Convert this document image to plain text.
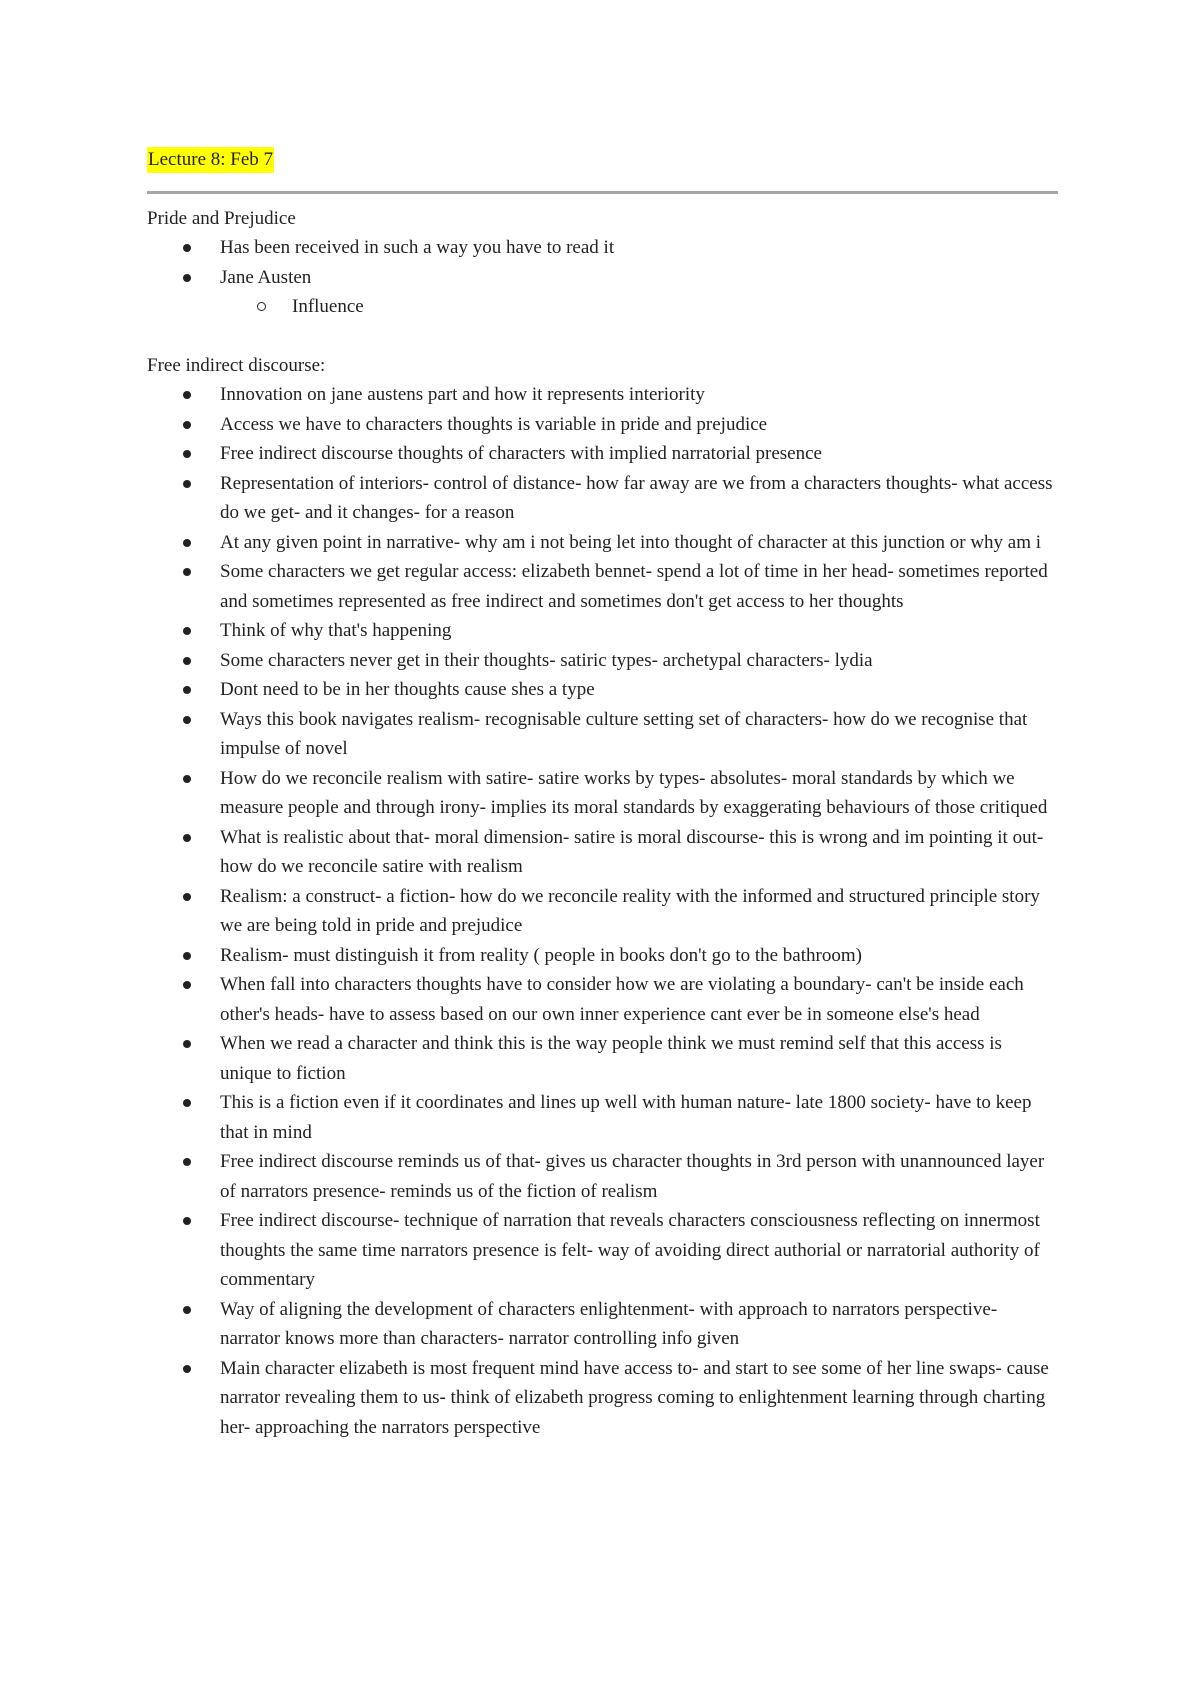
Lecture 8: Feb 7
Pride and Prejudice
Has been received in such a way you have to read it
Jane Austen
Influence
Free indirect discourse:
Innovation on jane austens part and how it represents interiority
Access we have to characters thoughts is variable in pride and prejudice
Free indirect discourse thoughts of characters with implied narratorial presence
Representation of interiors- control of distance- how far away are we from a characters thoughts- what access do we get- and it changes- for a reason
At any given point in narrative- why am i not being let into thought of character at this junction or why am i
Some characters we get regular access: elizabeth bennet- spend a lot of time in her head- sometimes reported and sometimes represented as free indirect and sometimes don't get access to her thoughts
Think of why that's happening
Some characters never get in their thoughts- satiric types- archetypal characters- lydia
Dont need to be in her thoughts cause shes a type
Ways this book navigates realism- recognisable culture setting set of characters- how do we recognise that impulse of novel
How do we reconcile realism with satire- satire works by types- absolutes- moral standards by which we measure people and through irony- implies its moral standards by exaggerating behaviours of those critiqued
What is realistic about that- moral dimension- satire is moral discourse- this is wrong and im pointing it out- how do we reconcile satire with realism
Realism: a construct- a fiction- how do we reconcile reality with the informed and structured principle story we are being told in pride and prejudice
Realism- must distinguish it from reality ( people in books don't go to the bathroom)
When fall into characters thoughts have to consider how we are violating a boundary- can't be inside each other's heads- have to assess based on our own inner experience cant ever be in someone else's head
When we read a character and think this is the way people think we must remind self that this access is unique to fiction
This is a fiction even if it coordinates and lines up well with human nature- late 1800 society- have to keep that in mind
Free indirect discourse reminds us of that- gives us character thoughts in 3rd person with unannounced layer of narrators presence- reminds us of the fiction of realism
Free indirect discourse- technique of narration that reveals characters consciousness reflecting on innermost thoughts the same time narrators presence is felt- way of avoiding direct authorial or narratorial authority of commentary
Way of aligning the development of characters enlightenment- with approach to narrators perspective- narrator knows more than characters- narrator controlling info given
Main character elizabeth is most frequent mind have access to- and start to see some of her line swaps- cause narrator revealing them to us- think of elizabeth progress coming to enlightenment learning through charting her- approaching the narrators perspective
